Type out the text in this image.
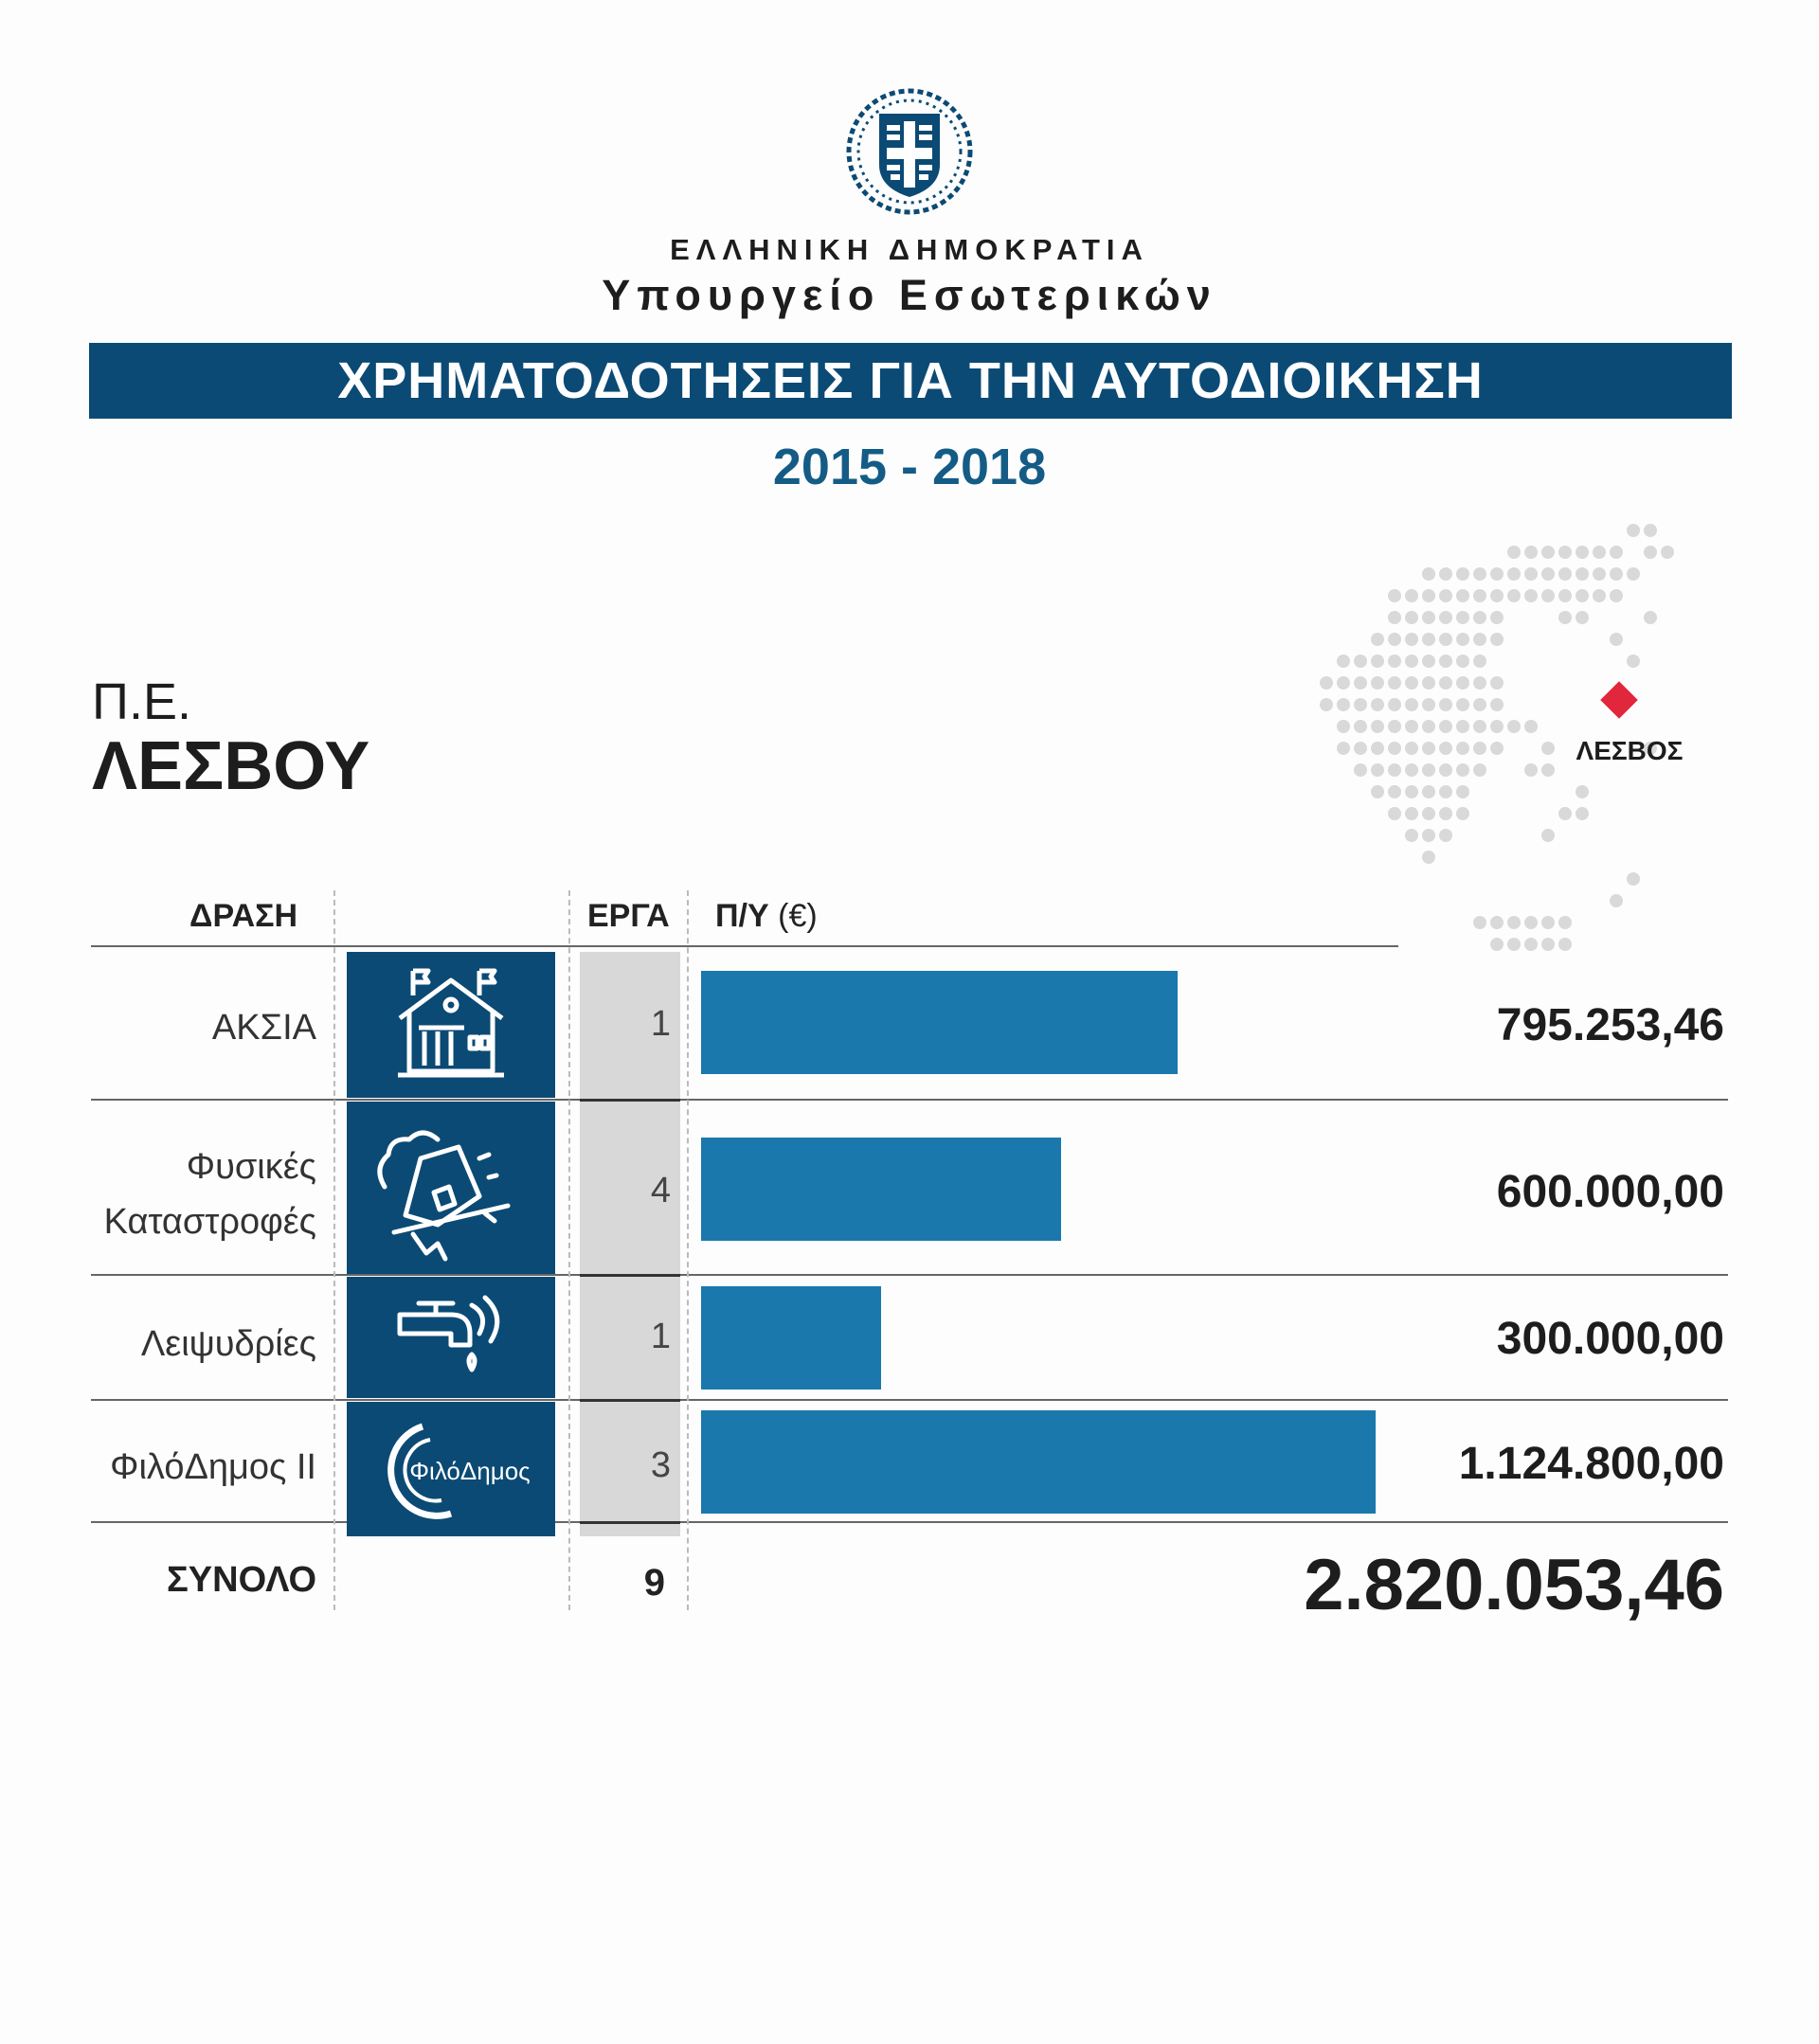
ΕΛΛΗΝΙΚΗ ΔΗΜΟΚΡΑΤΙΑ
Υπουργείο Εσωτερικών
ΧΡΗΜΑΤΟΔΟΤΗΣΕΙΣ ΓΙΑ ΤΗΝ ΑΥΤΟΔΙΟΙΚΗΣΗ
2015 - 2018
Π.Ε.
ΛΕΣΒΟΥ	ΛΕΣΒΟΣ
ΔΡΑΣΗ	ΕΡΓΑ Π/Υ (€)
ΑΚΣΙΑ	1	795.253,46
Φυσικές
Καταστροφές
4	600.000,00
Λειψυδρίες	1	300.000,00
ΦιλόΔημος II	ΦιλόΔημος	3	1.124.800,00
ΣΥΝΟΛΟ	9	2.820.053,46
